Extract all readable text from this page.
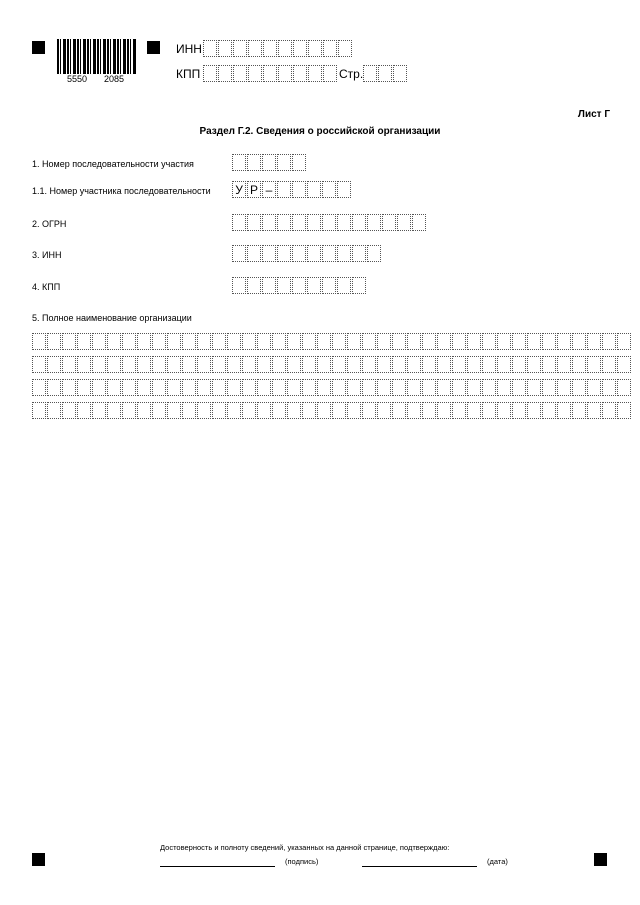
5550 2085
ИНН
КПП	Стр.
Лист Г
Раздел Г.2. Сведения о российской организации
1. Номер последовательности участия
1.1. Номер участника последовательности У Р –
2. ОГРН
3. ИНН
4. КПП
5. Полное наименование организации
Достоверность и полноту сведений, указанных на данной странице, подтверждаю:
(подпись)	(дата)
